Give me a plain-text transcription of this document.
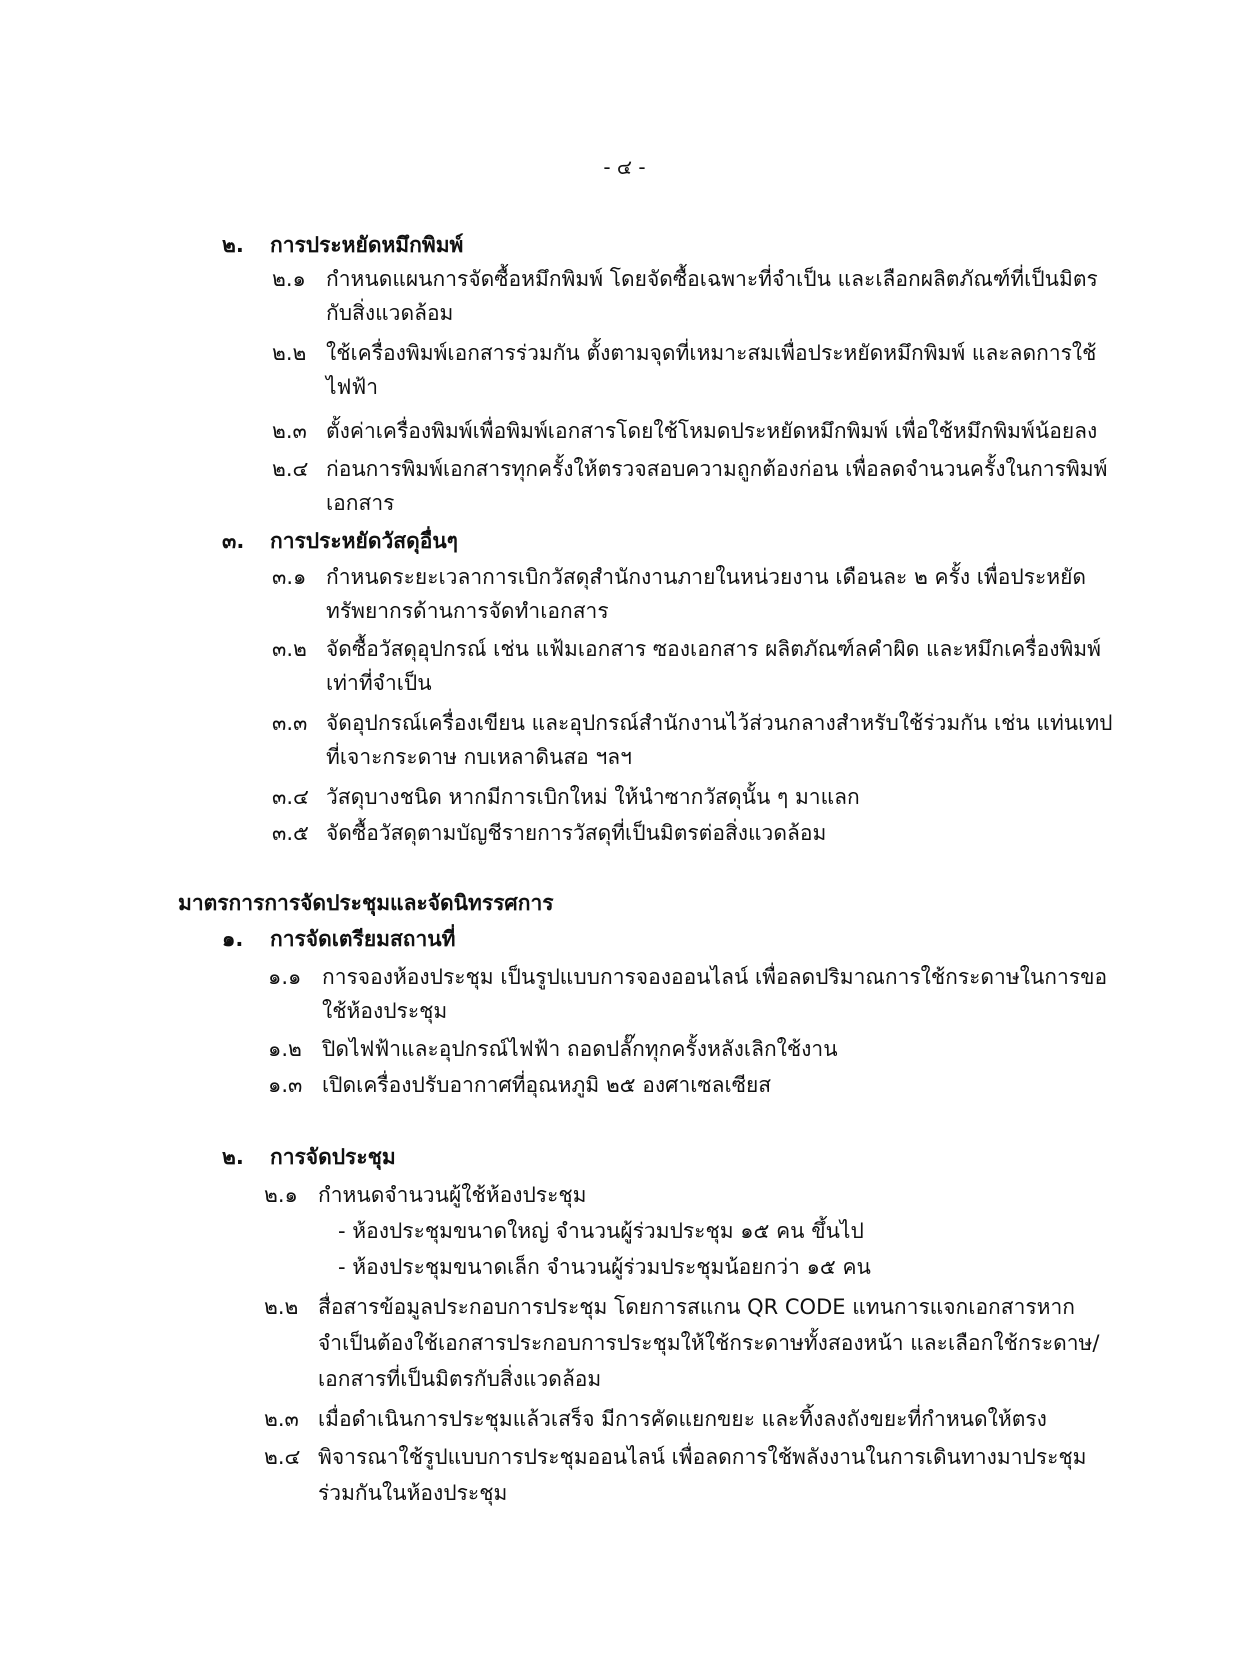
- ๔ -
๒. การประหยัดหมึกพิมพ์
๒.๑ กำหนดแผนการจัดซื้อหมึกพิมพ์ โดยจัดซื้อเฉพาะที่จำเป็น และเลือกผลิตภัณฑ์ที่เป็นมิตร
กับสิ่งแวดล้อม
๒.๒ ใช้เครื่องพิมพ์เอกสารร่วมกัน ตั้งตามจุดที่เหมาะสมเพื่อประหยัดหมึกพิมพ์ และลดการใช้
ไฟฟ้า
๒.๓ ตั้งค่าเครื่องพิมพ์เพื่อพิมพ์เอกสารโดยใช้โหมดประหยัดหมึกพิมพ์ เพื่อใช้หมึกพิมพ์น้อยลง
๒.๔ ก่อนการพิมพ์เอกสารทุกครั้งให้ตรวจสอบความถูกต้องก่อน เพื่อลดจำนวนครั้งในการพิมพ์
เอกสาร
๓. การประหยัดวัสดุอื่นๆ
๓.๑ กำหนดระยะเวลาการเบิกวัสดุสำนักงานภายในหน่วยงาน เดือนละ ๒ ครั้ง เพื่อประหยัด
ทรัพยากรด้านการจัดทำเอกสาร
๓.๒ จัดซื้อวัสดุอุปกรณ์ เช่น แฟ้มเอกสาร ซองเอกสาร ผลิตภัณฑ์ลคำผิด และหมึกเครื่องพิมพ์
เท่าที่จำเป็น
๓.๓ จัดอุปกรณ์เครื่องเขียน และอุปกรณ์สำนักงานไว้ส่วนกลางสำหรับใช้ร่วมกัน เช่น แท่นเทป
ที่เจาะกระดาษ กบเหลาดินสอ ฯลฯ
๓.๔ วัสดุบางชนิด หากมีการเบิกใหม่ ให้นำซากวัสดุนั้น ๆ มาแลก
๓.๕ จัดซื้อวัสดุตามบัญชีรายการวัสดุที่เป็นมิตรต่อสิ่งแวดล้อม
มาตรการการจัดประชุมและจัดนิทรรศการ
๑. การจัดเตรียมสถานที่
๑.๑ การจองห้องประชุม เป็นรูปแบบการจองออนไลน์ เพื่อลดปริมาณการใช้กระดาษในการขอ
ใช้ห้องประชุม
๑.๒ ปิดไฟฟ้าและอุปกรณ์ไฟฟ้า ถอดปลั๊กทุกครั้งหลังเลิกใช้งาน
๑.๓ เปิดเครื่องปรับอากาศที่อุณหภูมิ ๒๕ องศาเซลเซียส
๒. การจัดประชุม
๒.๑ กำหนดจำนวนผู้ใช้ห้องประชุม
- ห้องประชุมขนาดใหญ่ จำนวนผู้ร่วมประชุม ๑๕ คน ขึ้นไป
- ห้องประชุมขนาดเล็ก จำนวนผู้ร่วมประชุมน้อยกว่า ๑๕ คน
๒.๒ สื่อสารข้อมูลประกอบการประชุม โดยการสแกน QR CODE แทนการแจกเอกสารหาก
จำเป็นต้องใช้เอกสารประกอบการประชุมให้ใช้กระดาษทั้งสองหน้า และเลือกใช้กระดาษ/
เอกสารที่เป็นมิตรกับสิ่งแวดล้อม
๒.๓ เมื่อดำเนินการประชุมแล้วเสร็จ มีการคัดแยกขยะ และทิ้งลงถังขยะที่กำหนดให้ตรง
๒.๔ พิจารณาใช้รูปแบบการประชุมออนไลน์ เพื่อลดการใช้พลังงานในการเดินทางมาประชุม
ร่วมกันในห้องประชุม
